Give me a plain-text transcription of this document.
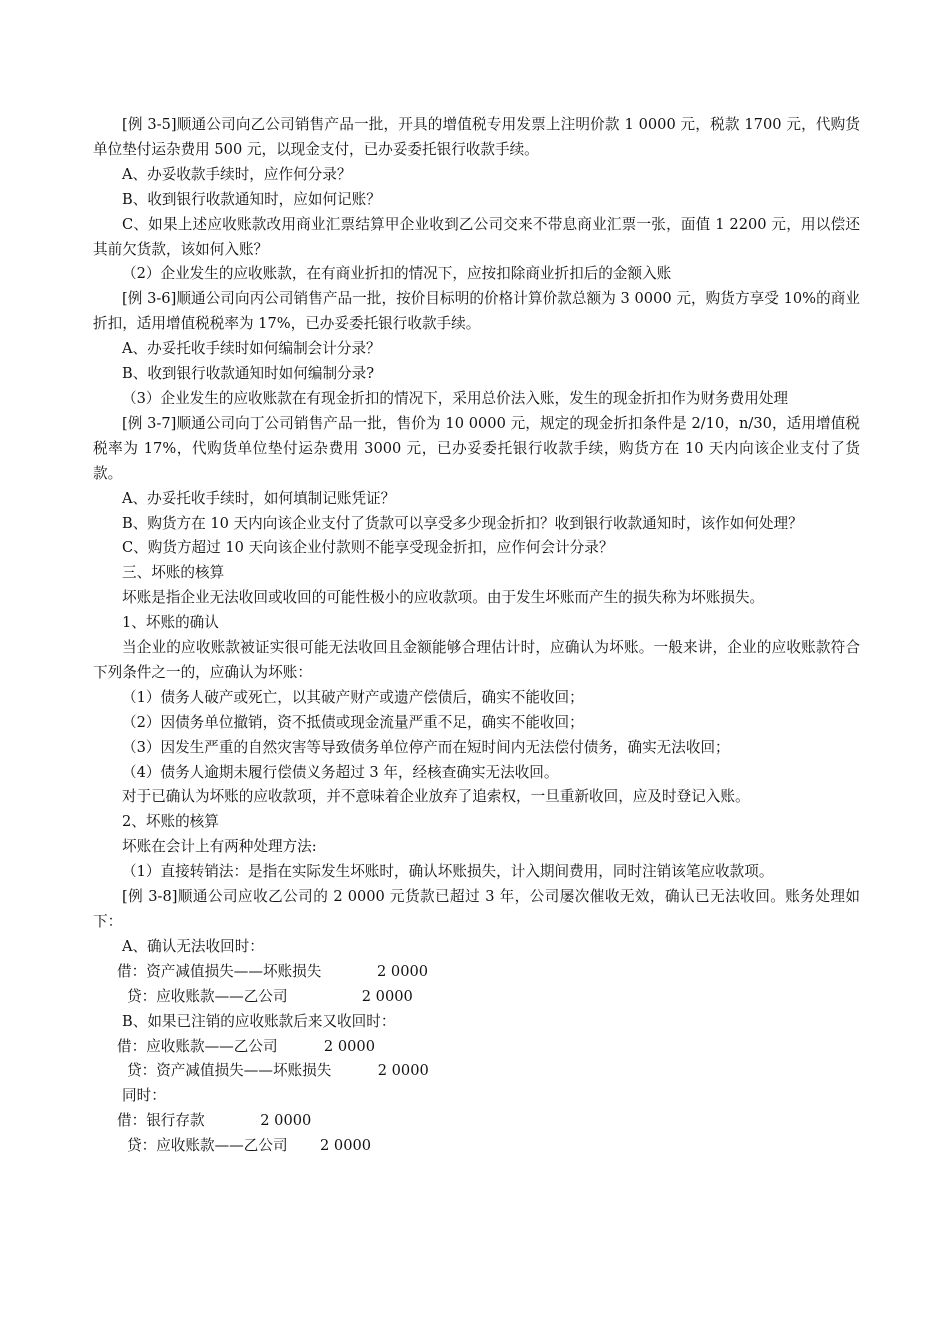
[例 3-5]顺通公司向乙公司销售产品一批，开具的增值税专用发票上注明价款 1 0000 元，税款 1700 元，代购货单位垫付运杂费用 500 元，以现金支付，已办妥委托银行收款手续。

A、办妥收款手续时，应作何分录？

B、收到银行收款通知时，应如何记账？

C、如果上述应收账款改用商业汇票结算甲企业收到乙公司交来不带息商业汇票一张，面值 1 2200 元，用以偿还其前欠货款，该如何入账？

（2）企业发生的应收账款，在有商业折扣的情况下，应按扣除商业折扣后的金额入账

[例 3-6]顺通公司向丙公司销售产品一批，按价目标明的价格计算价款总额为 3 0000 元，购货方享受 10%的商业折扣，适用增值税税率为 17%，已办妥委托银行收款手续。

A、办妥托收手续时如何编制会计分录？

B、收到银行收款通知时如何编制分录?

（3）企业发生的应收账款在有现金折扣的情况下，采用总价法入账，发生的现金折扣作为财务费用处理

[例 3-7]顺通公司向丁公司销售产品一批，售价为 10 0000 元，规定的现金折扣条件是 2/10，n/30，适用增值税税率为 17%，代购货单位垫付运杂费用 3000 元，已办妥委托银行收款手续，购货方在 10 天内向该企业支付了货款。

A、办妥托收手续时，如何填制记账凭证？

B、购货方在 10 天内向该企业支付了货款可以享受多少现金折扣？收到银行收款通知时，该作如何处理？

C、购货方超过 10 天向该企业付款则不能享受现金折扣，应作何会计分录？

三、坏账的核算

坏账是指企业无法收回或收回的可能性极小的应收款项。由于发生坏账而产生的损失称为坏账损失。

1、坏账的确认

当企业的应收账款被证实很可能无法收回且金额能够合理估计时，应确认为坏账。一般来讲，企业的应收账款符合下列条件之一的，应确认为坏账：

（1）债务人破产或死亡，以其破产财产或遗产偿债后，确实不能收回；

（2）因债务单位撤销，资不抵债或现金流量严重不足，确实不能收回；

（3）因发生严重的自然灾害等导致债务单位停产而在短时间内无法偿付债务，确实无法收回；

（4）债务人逾期未履行偿债义务超过 3 年，经核查确实无法收回。

对于已确认为坏账的应收款项，并不意味着企业放弃了追索权，一旦重新收回，应及时登记入账。

2、坏账的核算

坏账在会计上有两种处理方法:

（1）直接转销法：是指在实际发生坏账时，确认坏账损失，计入期间费用，同时注销该笔应收款项。

[例 3-8]顺通公司应收乙公司的 2 0000 元货款已超过 3 年，公司屡次催收无效，确认已无法收回。账务处理如下：

A、确认无法收回时：

借：资产减值损失——坏账损失            2 0000

贷：应收账款——乙公司                2 0000

B、如果已注销的应收账款后来又收回时：

借：应收账款——乙公司          2 0000

贷：资产减值损失——坏账损失          2 0000

同时：

借：银行存款            2 0000

贷：应收账款——乙公司       2 0000
